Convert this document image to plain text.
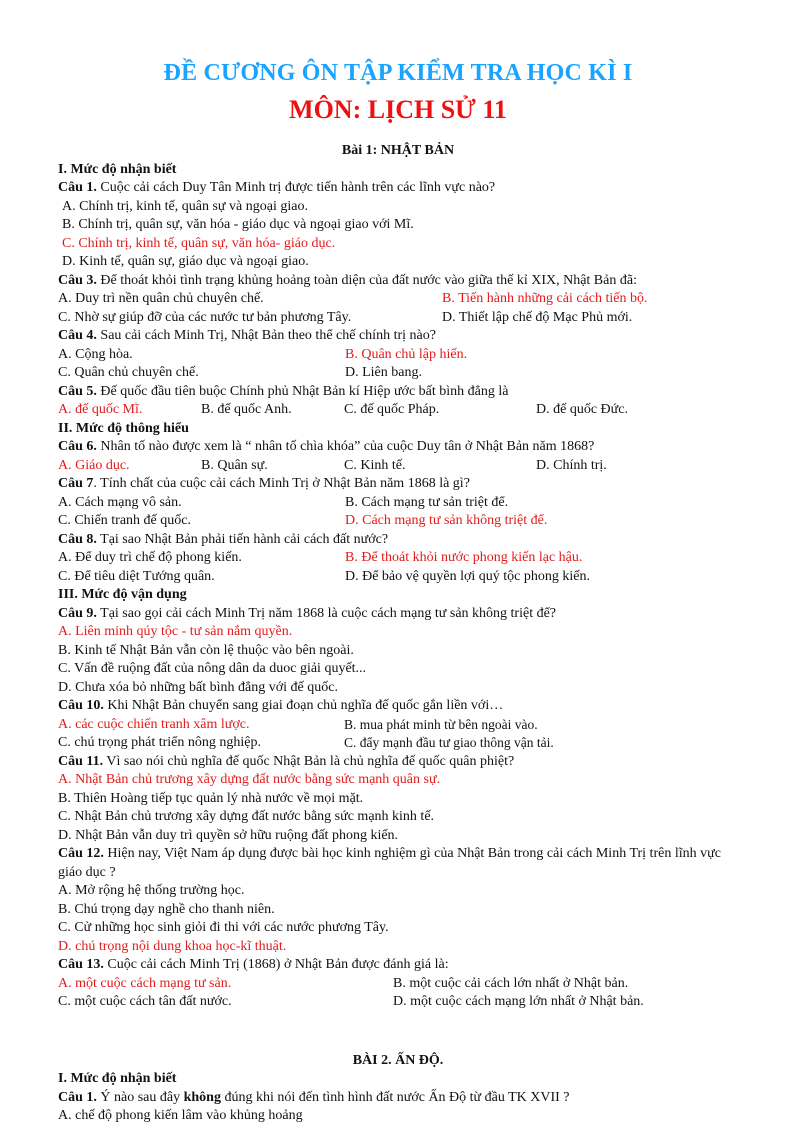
ĐỀ CƯƠNG ÔN TẬP KIỂM TRA HỌC KÌ I
MÔN: LỊCH SỬ 11
Bài 1: NHẬT BẢN
I. Mức độ nhận biết
Câu 1. Cuộc cải cách Duy Tân Minh trị được tiến hành trên các lĩnh vực nào?
A. Chính trị, kinh tế, quân sự và ngoại giao.
B. Chính trị, quân sự, văn hóa - giáo dục và ngoại giao với Mĩ.
C. Chính trị, kinh tế, quân sự, văn hóa- giáo dục.
D. Kinh tế, quân sự, giáo dục và ngoại giao.
Câu 3. Để thoát khỏi tình trạng khủng hoảng toàn diện của đất nước vào giữa thế kỉ XIX, Nhật Bản đã:
A. Duy trì nền quân chủ chuyên chế.	B. Tiến hành những cải cách tiến bộ.
C. Nhờ sự giúp đỡ của các nước tư bản phương Tây.	D. Thiết lập chế độ Mạc Phủ mới.
Câu 4. Sau cải cách Minh Trị, Nhật Bản theo thể chế chính trị nào?
A. Cộng hòa.	B. Quân chủ lập hiến.
C. Quân chủ chuyên chế.	D. Liên bang.
Câu 5. Đế quốc đầu tiên buộc Chính phủ Nhật Bản kí Hiệp ước bất bình đẳng là
A. đế quốc Mĩ.	B. đế quốc Anh.	C. đế quốc Pháp.	D. đế quốc Đức.
II. Mức độ thông hiểu
Câu 6. Nhân tố nào được xem là “ nhân tố chìa khóa” của cuộc Duy tân ở Nhật Bản năm 1868?
A. Giáo dục.	B. Quân sự.	C. Kinh tế.	D. Chính trị.
Câu 7. Tính chất của cuộc cải cách Minh Trị ở Nhật Bản năm 1868 là gì?
A. Cách mạng vô sản.	B. Cách mạng tư sản triệt để.
C. Chiến tranh đế quốc.	D. Cách mạng tư sản không triệt để.
Câu 8. Tại sao Nhật Bản phải tiến hành cải cách đất nước?
A. Để duy trì chế độ phong kiến.	B. Để thoát khỏi nước phong kiến lạc hậu.
C. Để tiêu diệt Tướng quân.	D. Để bảo vệ quyền lợi quý tộc phong kiến.
III. Mức độ vận dụng
Câu 9. Tại sao gọi cải cách Minh Trị năm 1868 là cuộc cách mạng tư sản không triệt để?
A. Liên minh qúy tộc - tư sản nắm quyền.
B. Kinh tế Nhật Bản vẫn còn lệ thuộc vào bên ngoài.
C. Vấn đề ruộng đất của nông dân da duoc giải quyết...
D. Chưa xóa bỏ những bất bình đẳng với đế quốc.
Câu 10. Khi Nhật Bản chuyển sang giai đoạn chủ nghĩa đế quốc gắn liền với…
A. các cuộc chiến tranh xâm lược.	B. mua phát minh từ bên ngoài vào.
C. chú trọng phát triển nông nghiệp.	C. đẩy mạnh đầu tư giao thông vận tải.
Câu 11. Vì sao nói chủ nghĩa đế quốc Nhật Bản là chủ nghĩa đế quốc quân phiệt?
A. Nhật Bản chủ trương xây dựng đất nước bằng sức mạnh quân sự.
B. Thiên Hoàng tiếp tục quản lý nhà nước về mọi mặt.
C. Nhật Bản chủ trương xây dựng đất nước bằng sức mạnh kinh tế.
D. Nhật Bản vẫn duy trì quyền sở hữu ruộng đất phong kiến.
Câu 12. Hiện nay, Việt Nam áp dụng được bài học kinh nghiệm gì của Nhật Bản trong cải cách Minh Trị trên lĩnh vực giáo dục ?
A. Mở rộng hệ thống trường học.
B. Chú trọng dạy nghề cho thanh niên.
C. Cử những học sinh giỏi đi thi với các nước phương Tây.
D. chú trọng nội dung khoa học-kĩ thuật.
Câu 13. Cuộc cải cách Minh Trị (1868) ở Nhật Bản được đánh giá là:
A. một cuộc cách mạng tư sản.	B. một cuộc cải cách lớn nhất ở Nhật bản.
C. một cuộc cách tân đất nước.	D. một cuộc cách mạng lớn nhất ở Nhật bản.
BÀI 2. ẤN ĐỘ.
I. Mức độ nhận biết
Câu 1. Ý nào sau đây không đúng khi nói đến tình hình đất nước Ấn Độ từ đầu TK XVII ?
A. chế độ phong kiến lâm vào khủng hoảng
